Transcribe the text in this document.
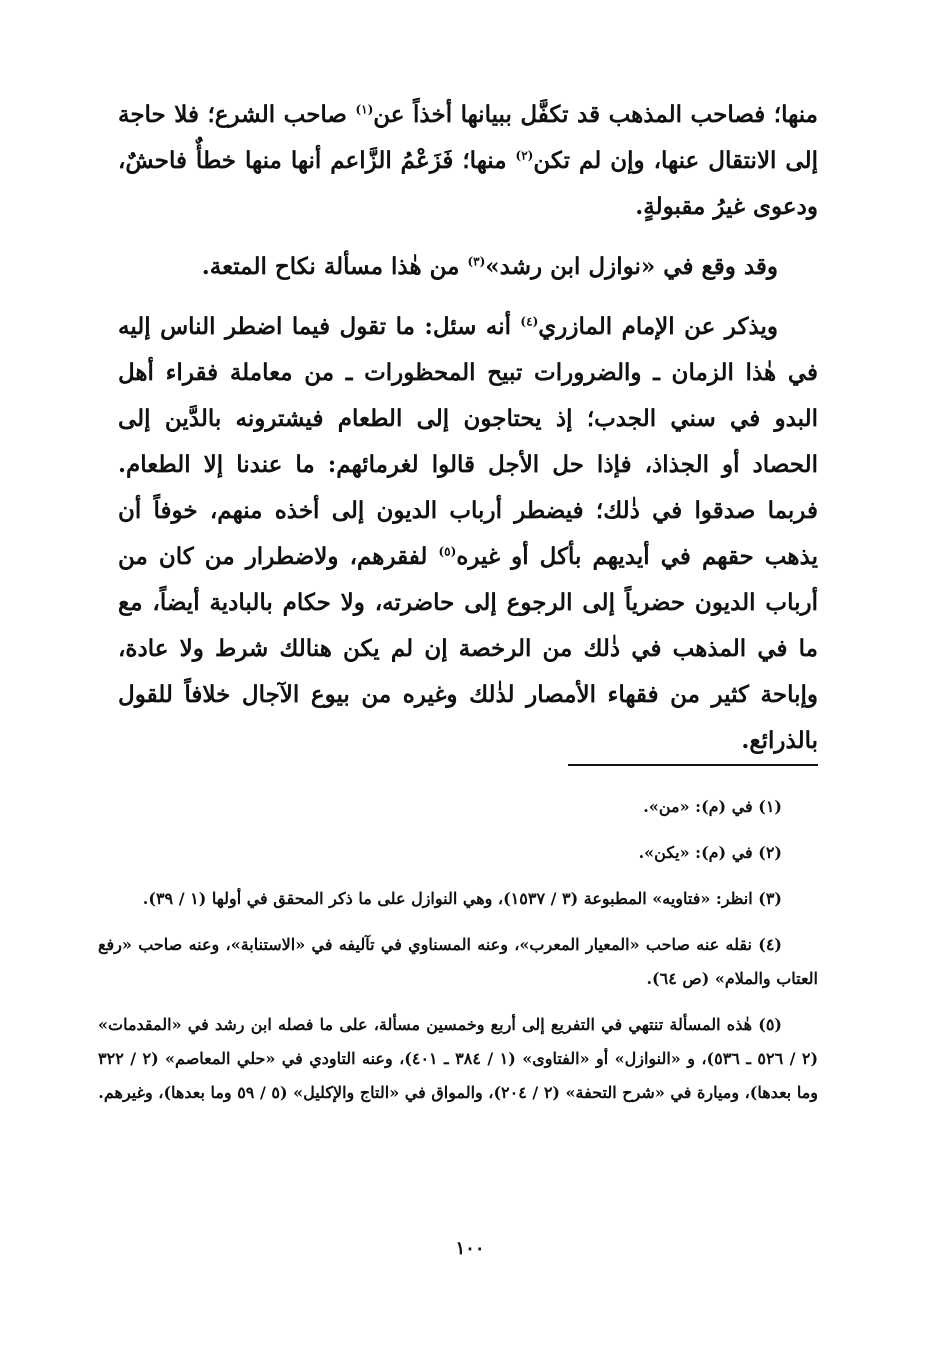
منها؛ فصاحب المذهب قد تكفَّل ببيانها أخذاً عن$^{(١)}$ صاحب الشرع؛ فلا حاجة إلى الانتقال عنها، وإن لم تكن$^{(٢)}$ منها؛ فَزَعْمُ الزَّاعم أنها منها خطأٌ فاحشٌ، ودعوى غيرُ مقبولةٍ.

وقد وقع في «نوازل ابن رشد»$^{(٣)}$ من هٰذا مسألة نكاح المتعة.

ويذكر عن الإمام المازري$^{(٤)}$ أنه سئل: ما تقول فيما اضطر الناس إليه في هٰذا الزمان ـ والضرورات تبيح المحظورات ـ من معاملة فقراء أهل البدو في سني الجدب؛ إذ يحتاجون إلى الطعام فيشترونه بالدَّين إلى الحصاد أو الجذاذ، فإذا حل الأجل قالوا لغرمائهم: ما عندنا إلا الطعام. فربما صدقوا في ذٰلك؛ فيضطر أرباب الديون إلى أخذه منهم، خوفاً أن يذهب حقهم في أيديهم بأكل أو غيره$^{(٥)}$ لفقرهم، ولاضطرار من كان من أرباب الديون حضرياً إلى الرجوع إلى حاضرته، ولا حكام بالبادية أيضاً، مع ما في المذهب في ذٰلك من الرخصة إن لم يكن هنالك شرط ولا عادة، وإباحة كثير من فقهاء الأمصار لذٰلك وغيره من بيوع الآجال خلافاً للقول بالذرائع.

(١) في (م): «من».

(٢) في (م): «يكن».

(٣) انظر: «فتاويه» المطبوعة (٣ / ١٥٣٧)، وهي النوازل على ما ذكر المحقق في أولها (١ / ٣٩).

(٤) نقله عنه صاحب «المعيار المعرب»، وعنه المسناوي في تآليفه في «الاستنابة»، وعنه صاحب «رفع العتاب والملام» (ص ٦٤).

(٥) هٰذه المسألة تنتهي في التفريع إلى أربع وخمسين مسألة، على ما فصله ابن رشد في «المقدمات» (٢ / ٥٢٦ ـ ٥٣٦)، و «النوازل» أو «الفتاوى» (١ / ٣٨٤ ـ ٤٠١)، وعنه التاودي في «حلي المعاصم» (٢ / ٣٢٢ وما بعدها)، وميارة في «شرح التحفة» (٢ / ٢٠٤)، والمواق في «التاج والإكليل» (٥ / ٥٩ وما بعدها)، وغيرهم.

١٠٠
